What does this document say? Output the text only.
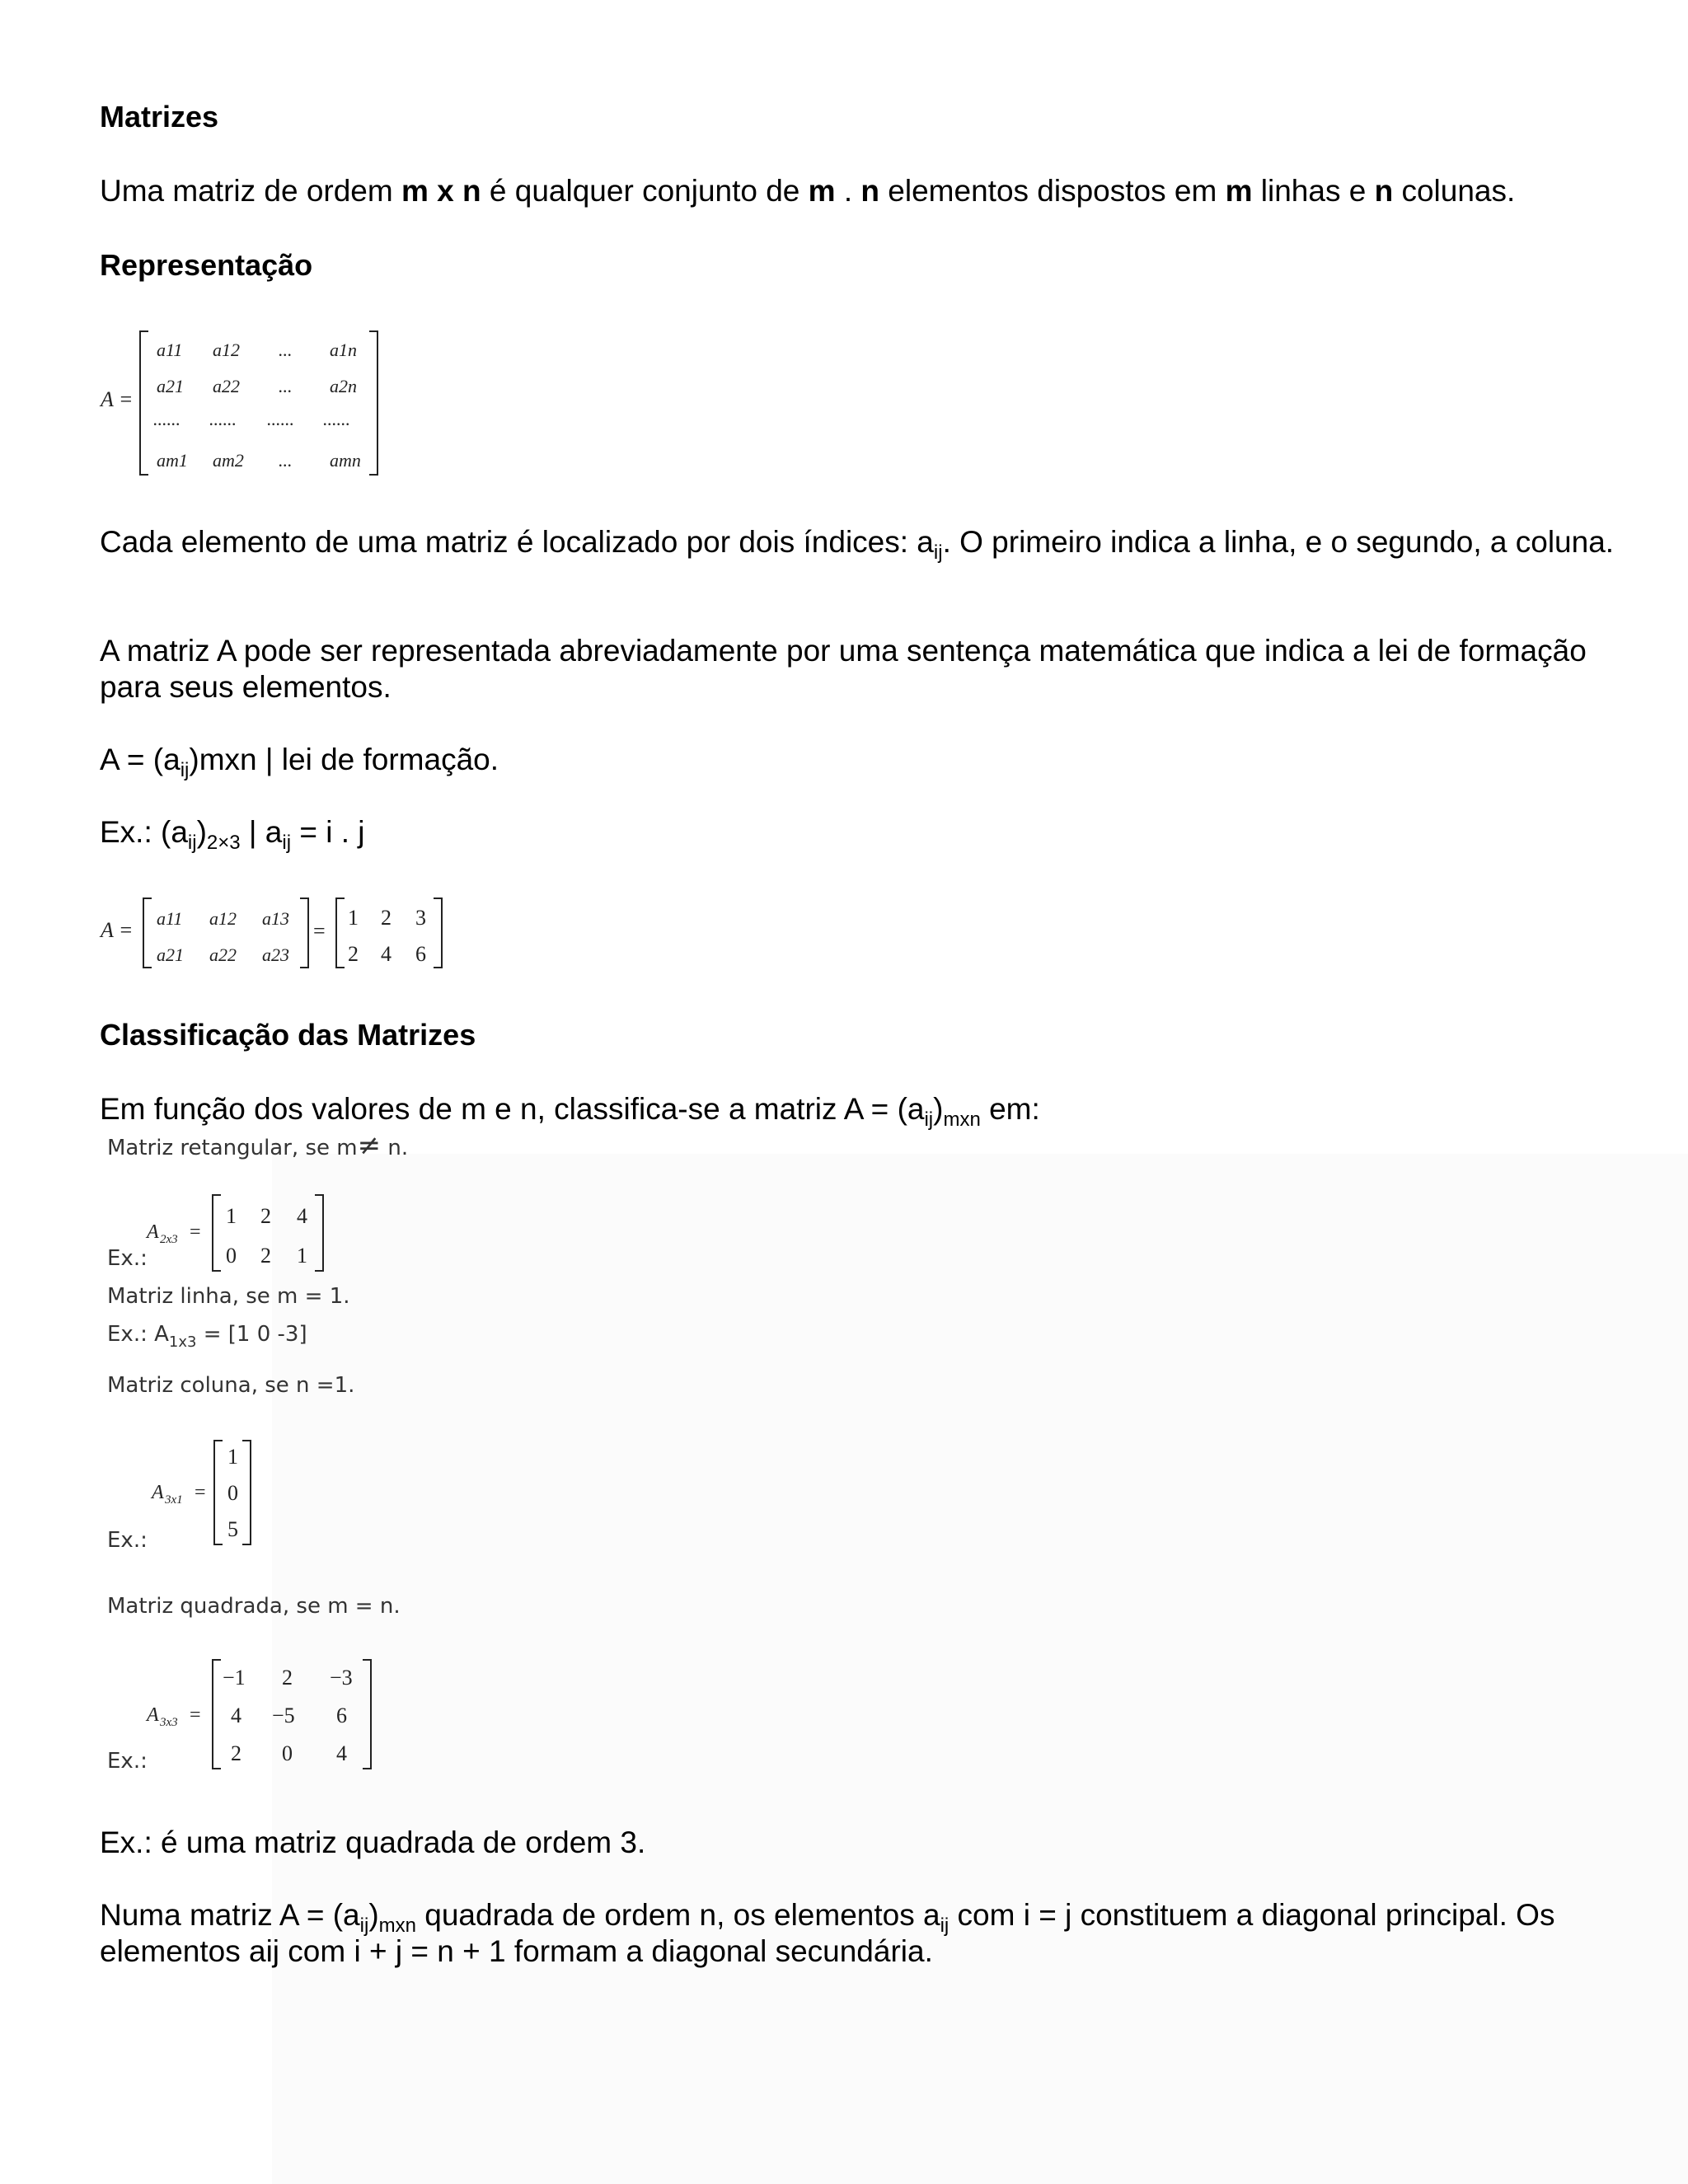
Matrizes
Uma matriz de ordem m x n é qualquer conjunto de m . n elementos dispostos em m linhas e n colunas.
Representação
A =
a11 a12 ... a1n
a21 a22 ... a2n
...... ...... ...... ......
am1 am2 ... amn
Cada elemento de uma matriz é localizado por dois índices: $a_{ij}$. O primeiro indica a linha, e o segundo, a coluna.
A matriz A pode ser representada abreviadamente por uma sentença matemática que indica a lei de formação para seus elementos.
$A = (a_{ij})mxn$ | lei de formação.
Ex.: $(a_{ij})_{2\times 3}$ | $a_{ij} = i$ . j
A =	=
a11 a12 a13
a21 a22 a23
1 2 3
2 4 6
Classificação das Matrizes
Em função dos valores de m e n, classifica-se a matriz $A = (a_{ij})_{mxn}$ em:
Matriz retangular, se m≠ n.
Ex.:
A 2x3 =
1 2 4
0 2 1
Matriz linha, se m = 1.
Ex.: $A_{1x3} = [1$ 0 -3]
Matriz coluna, se n =1.
Ex.:
A 3x1 =
1
0
5
Matriz quadrada, se m = n.
Ex.:
A 3x3 =
−1 2 −3
4 −5 6
2 0 4
Ex.: é uma matriz quadrada de ordem 3.
Numa matriz $A = (a_{ij})_{mxn}$ quadrada de ordem n, os elementos $a_{ij}$ com i = j constituem a diagonal principal. Os elementos aij com i + j = n + 1 formam a diagonal secundária.
